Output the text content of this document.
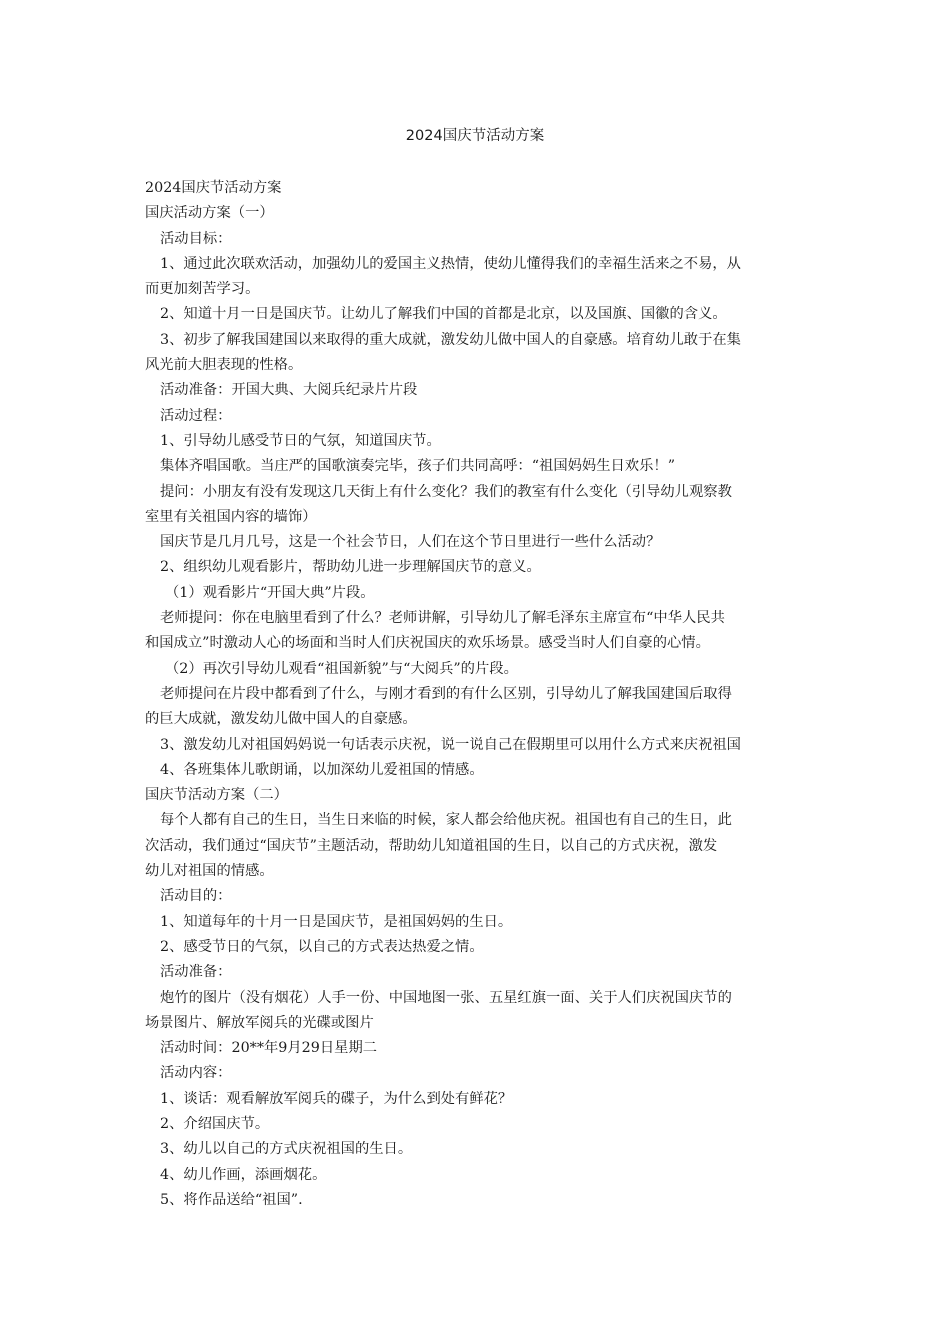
2024国庆节活动方案

2024国庆节活动方案

国庆活动方案（一）

活动目标：

1、通过此次联欢活动，加强幼儿的爱国主义热情，使幼儿懂得我们的幸福生活来之不易，从

而更加刻苦学习。

2、知道十月一日是国庆节。让幼儿了解我们中国的首都是北京，以及国旗、国徽的含义。

3、初步了解我国建国以来取得的重大成就，激发幼儿做中国人的自豪感。培育幼儿敢于在集

风光前大胆表现的性格。

活动准备：开国大典、大阅兵纪录片片段

活动过程：

1、引导幼儿感受节日的气氛，知道国庆节。

集体齐唱国歌。当庄严的国歌演奏完毕，孩子们共同高呼：“祖国妈妈生日欢乐！”

提问：小朋友有没有发现这几天街上有什么变化？我们的教室有什么变化（引导幼儿观察教

室里有关祖国内容的墙饰）

国庆节是几月几号，这是一个社会节日，人们在这个节日里进行一些什么活动？

2、组织幼儿观看影片，帮助幼儿进一步理解国庆节的意义。

（1）观看影片“开国大典”片段。

老师提问：你在电脑里看到了什么？老师讲解，引导幼儿了解毛泽东主席宣布“中华人民共

和国成立”时激动人心的场面和当时人们庆祝国庆的欢乐场景。感受当时人们自豪的心情。

（2）再次引导幼儿观看“祖国新貌”与“大阅兵”的片段。

老师提问在片段中都看到了什么，与刚才看到的有什么区别，引导幼儿了解我国建国后取得

的巨大成就，激发幼儿做中国人的自豪感。

3、激发幼儿对祖国妈妈说一句话表示庆祝，说一说自己在假期里可以用什么方式来庆祝祖国

4、各班集体儿歌朗诵，以加深幼儿爱祖国的情感。

国庆节活动方案（二）

每个人都有自己的生日，当生日来临的时候，家人都会给他庆祝。祖国也有自己的生日，此

次活动，我们通过“国庆节”主题活动，帮助幼儿知道祖国的生日，以自己的方式庆祝，激发

幼儿对祖国的情感。

活动目的：

1、知道每年的十月一日是国庆节，是祖国妈妈的生日。

2、感受节日的气氛，以自己的方式表达热爱之情。

活动准备：

炮竹的图片（没有烟花）人手一份、中国地图一张、五星红旗一面、关于人们庆祝国庆节的

场景图片、解放军阅兵的光碟或图片

活动时间：20**年9月29日星期二

活动内容：

1、谈话：观看解放军阅兵的碟子，为什么到处有鲜花？

2、介绍国庆节。

3、幼儿以自己的方式庆祝祖国的生日。

4、幼儿作画，添画烟花。

5、将作品送给“祖国”.
